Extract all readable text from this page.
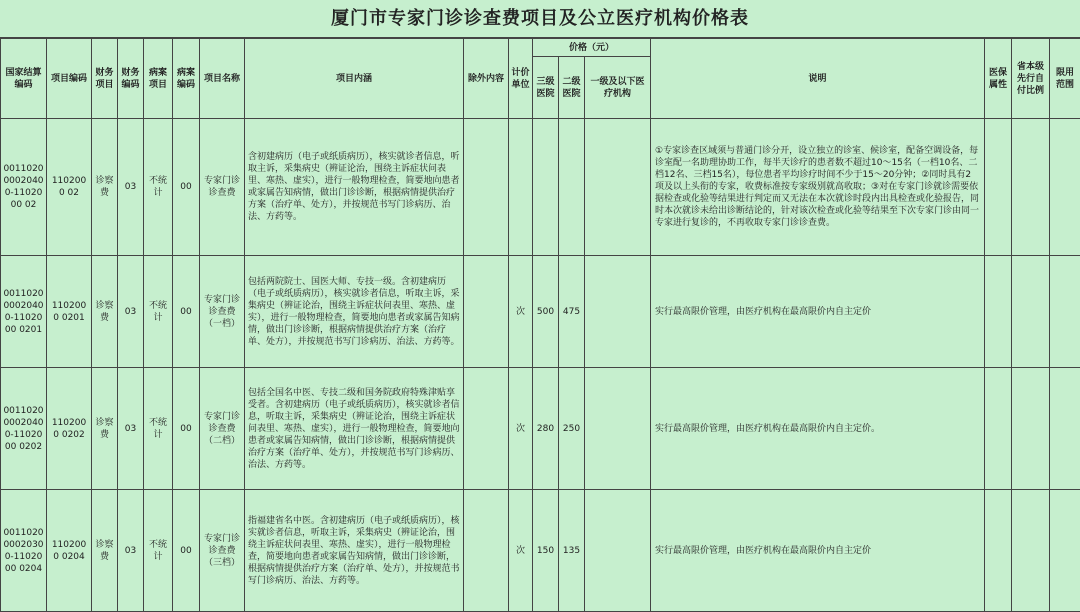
厦门市专家门诊诊查费项目及公立医疗机构价格表
国家结算编码	项目编码	财务项目	财务编码	病案项目	病案编码	项目名称	项目内涵	除外内容	计价单位	价格（元）			说明	医保属性	省本级先行自付比例	限用范围
										三级医院	二级医院	一级及以下医疗机构				
0011020 0002040 0-1102000 02	1102000 02	诊察费	03	不统计	00	专家门诊诊查费	含初建病历（电子或纸质病历），核实就诊者信息，听取主诉，采集病史（辨证论治，围绕主诉症状问表里、寒热、虚实），进行一般物理检查，简要地向患者或家属告知病情，做出门诊诊断，根据病情提供治疗方案（治疗单、处方），并按规范书写门诊病历、治法、方药等。						①专家诊查区域须与普通门诊分开，设立独立的诊室、候诊室，配备空调设备，每诊室配一名助理协助工作，每半天诊疗的患者数不超过10～15名（一档10名、二档12名、三档15名），每位患者平均诊疗时间不少于15～20分钟；②同时具有2项及以上头衔的专家，收费标准按专家级别就高收取；③对在专家门诊就诊需要依据检查或化验等结果进行判定而又无法在本次就诊时段内出具检查或化验报告，同时本次就诊未给出诊断结论的，针对该次检查或化验等结果至下次专家门诊由同一专家进行复诊的，不再收取专家门诊诊查费。			
0011020 0002040 0-1102000 0201	1102000 0201	诊察费	03	不统计	00	专家门诊诊查费（一档）	包括两院院士、国医大师、专技一级。含初建病历（电子或纸质病历），核实就诊者信息，听取主诉，采集病史（辨证论治，围绕主诉症状问表里、寒热、虚实），进行一般物理检查，简要地向患者或家属告知病情，做出门诊诊断，根据病情提供治疗方案（治疗单、处方），并按规范书写门诊病历、治法、方药等。		次	500	475		实行最高限价管理，由医疗机构在最高限价内自主定价			
0011020 0002040 0-1102000 0202	1102000 0202	诊察费	03	不统计	00	专家门诊诊查费（二档）	包括全国名中医、专技二级和国务院政府特殊津贴享受者。含初建病历（电子或纸质病历），核实就诊者信息，听取主诉，采集病史（辨证论治，围绕主诉症状问表里、寒热、虚实），进行一般物理检查，简要地向患者或家属告知病情，做出门诊诊断，根据病情提供治疗方案（治疗单、处方），并按规范书写门诊病历、治法、方药等。		次	280	250		实行最高限价管理，由医疗机构在最高限价内自主定价。			
0011020 0002030 0-1102000 0204	1102000 0204	诊察费	03	不统计	00	专家门诊诊查费（三档）	指福建省名中医。含初建病历（电子或纸质病历），核实就诊者信息，听取主诉，采集病史（辨证论治，围绕主诉症状问表里、寒热、虚实），进行一般物理检查，简要地向患者或家属告知病情，做出门诊诊断，根据病情提供治疗方案（治疗单、处方），并按规范书写门诊病历、治法、方药等。		次	150	135		实行最高限价管理，由医疗机构在最高限价内自主定价			
